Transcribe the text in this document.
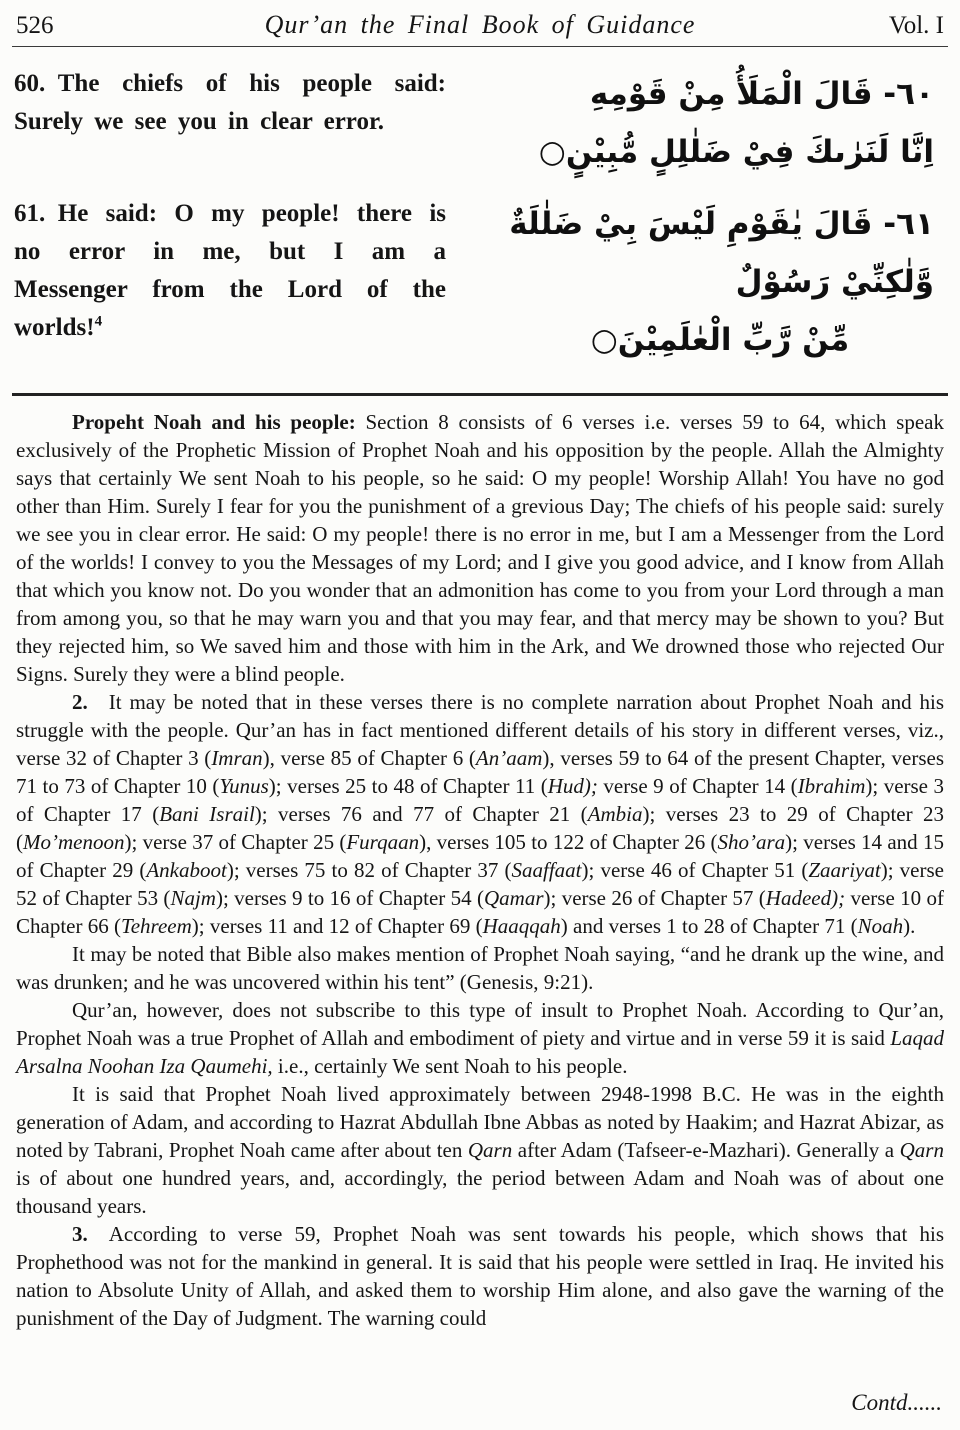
526	Qur’an the Final Book of Guidance	Vol. I
60. The chiefs of his people said: Surely we see you in clear error.
٦٠- قَالَ الْمَلَأُ مِنْ قَوْمِهِ
اِنَّا لَنَرٰىكَ فِيْ ضَلٰلِلٍ مُّبِيْنٍ○
61. He said: O my people! there is no error in me, but I am a Messenger from the Lord of the worlds!$^4$
٦١- قَالَ يٰقَوْمِ لَيْسَ بِيْ ضَلٰلَةٌ وَّلٰكِنِّيْ رَسُوْلٌ
مِّنْ رَّبِّ الْعٰلَمِيْنَ○

Propeht Noah and his people: Section 8 consists of 6 verses i.e. verses 59 to 64, which speak exclusively of the Prophetic Mission of Prophet Noah and his opposition by the people. Allah the Almighty says that certainly We sent Noah to his people, so he said: O my people! Worship Allah! You have no god other than Him. Surely I fear for you the punishment of a grevious Day; The chiefs of his people said: surely we see you in clear error. He said: O my people! there is no error in me, but I am a Messenger from the Lord of the worlds! I convey to you the Messages of my Lord; and I give you good advice, and I know from Allah that which you know not. Do you wonder that an admonition has come to you from your Lord through a man from among you, so that he may warn you and that you may fear, and that mercy may be shown to you? But they rejected him, so We saved him and those with him in the Ark, and We drowned those who rejected Our Signs. Surely they were a blind people.

2. It may be noted that in these verses there is no complete narration about Prophet Noah and his struggle with the people. Qur’an has in fact mentioned different details of his story in different verses, viz., verse 32 of Chapter 3 (Imran), verse 85 of Chapter 6 (An’aam), verses 59 to 64 of the present Chapter, verses 71 to 73 of Chapter 10 (Yunus); verses 25 to 48 of Chapter 11 (Hud); verse 9 of Chapter 14 (Ibrahim); verse 3 of Chapter 17 (Bani Israil); verses 76 and 77 of Chapter 21 (Ambia); verses 23 to 29 of Chapter 23 (Mo’menoon); verse 37 of Chapter 25 (Furqaan), verses 105 to 122 of Chapter 26 (Sho’ara); verses 14 and 15 of Chapter 29 (Ankaboot); verses 75 to 82 of Chapter 37 (Saaffaat); verse 46 of Chapter 51 (Zaariyat); verse 52 of Chapter 53 (Najm); verses 9 to 16 of Chapter 54 (Qamar); verse 26 of Chapter 57 (Hadeed); verse 10 of Chapter 66 (Tehreem); verses 11 and 12 of Chapter 69 (Haaqqah) and verses 1 to 28 of Chapter 71 (Noah).

It may be noted that Bible also makes mention of Prophet Noah saying, “and he drank up the wine, and was drunken; and he was uncovered within his tent” (Genesis, 9:21).

Qur’an, however, does not subscribe to this type of insult to Prophet Noah. According to Qur’an, Prophet Noah was a true Prophet of Allah and embodiment of piety and virtue and in verse 59 it is said Laqad Arsalna Noohan Iza Qaumehi, i.e., certainly We sent Noah to his people.

It is said that Prophet Noah lived approximately between 2948-1998 B.C. He was in the eighth generation of Adam, and according to Hazrat Abdullah Ibne Abbas as noted by Haakim; and Hazrat Abizar, as noted by Tabrani, Prophet Noah came after about ten Qarn after Adam (Tafseer-e-Mazhari). Generally a Qarn is of about one hundred years, and, accordingly, the period between Adam and Noah was of about one thousand years.

3. According to verse 59, Prophet Noah was sent towards his people, which shows that his Prophethood was not for the mankind in general. It is said that his people were settled in Iraq. He invited his nation to Absolute Unity of Allah, and asked them to worship Him alone, and also gave the warning of the punishment of the Day of Judgment. The warning could

Contd......
